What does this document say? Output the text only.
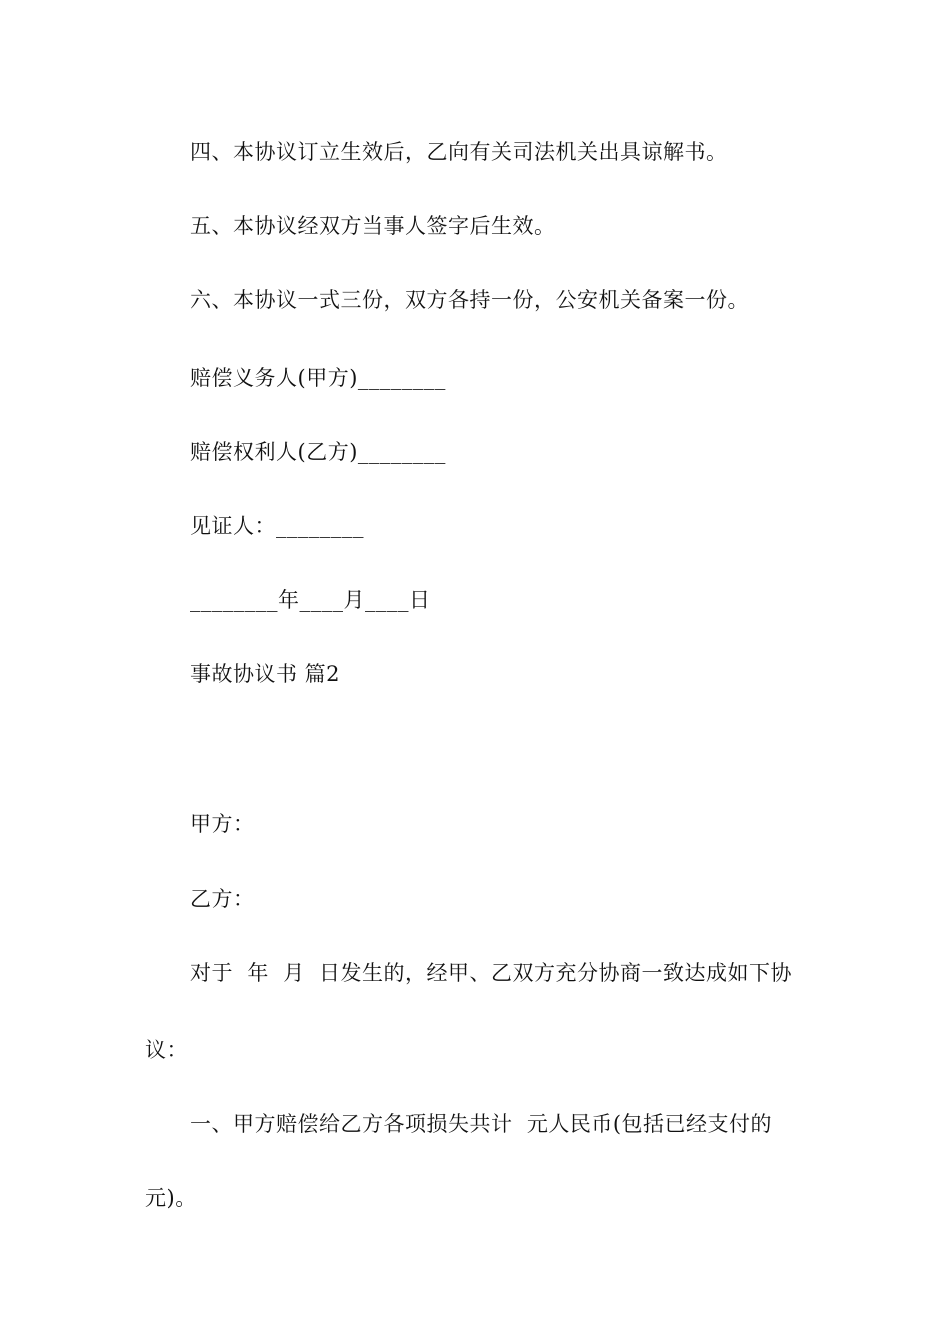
四、本协议订立生效后，乙向有关司法机关出具谅解书。
五、本协议经双方当事人签字后生效。
六、本协议一式三份，双方各持一份，公安机关备案一份。
赔偿义务人(甲方)________
赔偿权利人(乙方)________
见证人：________
________年____月____日
事故协议书 篇2
甲方：
乙方：
对于  年  月  日发生的，经甲、乙双方充分协商一致达成如下协
议：
一、甲方赔偿给乙方各项损失共计  元人民币(包括已经支付的
元)。
